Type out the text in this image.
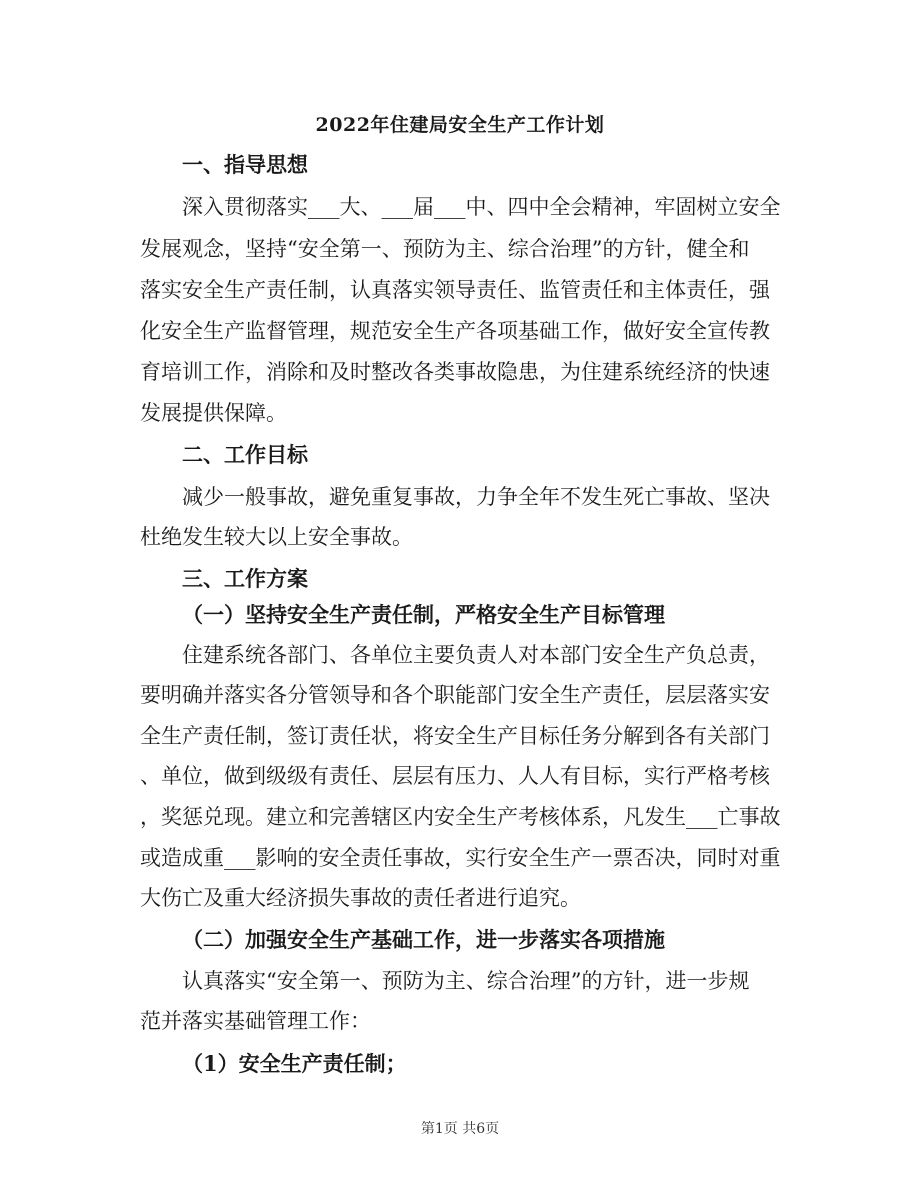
2022年住建局安全生产工作计划
一、指导思想
深入贯彻落实___大、___届___中、四中全会精神，牢固树立安全
发展观念，坚持“安全第一、预防为主、综合治理”的方针，健全和
落实安全生产责任制，认真落实领导责任、监管责任和主体责任，强
化安全生产监督管理，规范安全生产各项基础工作，做好安全宣传教
育培训工作，消除和及时整改各类事故隐患，为住建系统经济的快速
发展提供保障。
二、工作目标
减少一般事故，避免重复事故，力争全年不发生死亡事故、坚决
杜绝发生较大以上安全事故。
三、工作方案
（一）坚持安全生产责任制，严格安全生产目标管理
住建系统各部门、各单位主要负责人对本部门安全生产负总责，
要明确并落实各分管领导和各个职能部门安全生产责任，层层落实安
全生产责任制，签订责任状，将安全生产目标任务分解到各有关部门
、单位，做到级级有责任、层层有压力、人人有目标，实行严格考核
，奖惩兑现。建立和完善辖区内安全生产考核体系，凡发生___亡事故
或造成重___影响的安全责任事故，实行安全生产一票否决，同时对重
大伤亡及重大经济损失事故的责任者进行追究。
（二）加强安全生产基础工作，进一步落实各项措施
认真落实“安全第一、预防为主、综合治理”的方针，进一步规
范并落实基础管理工作：
（1）安全生产责任制；
第1页 共6页
